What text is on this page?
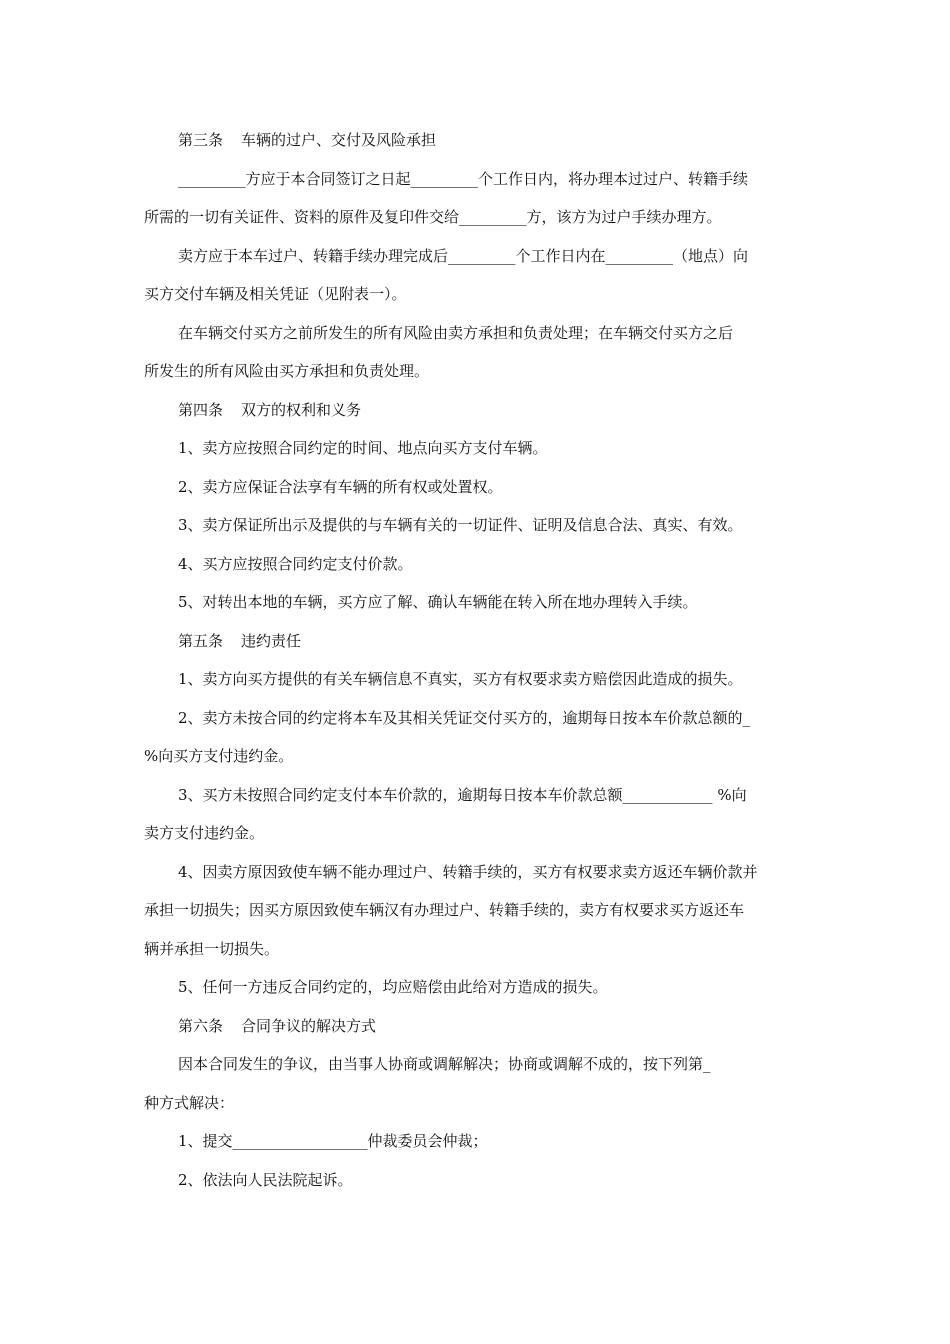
第三条 车辆的过户、交付及风险承担
_________方应于本合同签订之日起_________个工作日内，将办理本过过户、转籍手续
所需的一切有关证件、资料的原件及复印件交给_________方，该方为过户手续办理方。
卖方应于本车过户、转籍手续办理完成后_________个工作日内在_________（地点）向
买方交付车辆及相关凭证（见附表一）。
在车辆交付买方之前所发生的所有风险由卖方承担和负责处理；在车辆交付买方之后
所发生的所有风险由买方承担和负责处理。
第四条 双方的权利和义务
1、卖方应按照合同约定的时间、地点向买方支付车辆。
2、卖方应保证合法享有车辆的所有权或处置权。
3、卖方保证所出示及提供的与车辆有关的一切证件、证明及信息合法、真实、有效。
4、买方应按照合同约定支付价款。
5、对转出本地的车辆，买方应了解、确认车辆能在转入所在地办理转入手续。
第五条 违约责任
1、卖方向买方提供的有关车辆信息不真实，买方有权要求卖方赔偿因此造成的损失。
2、卖方未按合同的约定将本车及其相关凭证交付买方的，逾期每日按本车价款总额的_
%向买方支付违约金。
3、买方未按照合同约定支付本车价款的，逾期每日按本车价款总额____________ %向
卖方支付违约金。
4、因卖方原因致使车辆不能办理过户、转籍手续的，买方有权要求卖方返还车辆价款并
承担一切损失；因买方原因致使车辆汉有办理过户、转籍手续的，卖方有权要求买方返还车
辆并承担一切损失。
5、任何一方违反合同约定的，均应赔偿由此给对方造成的损失。
第六条 合同争议的解决方式
因本合同发生的争议，由当事人协商或调解解决；协商或调解不成的，按下列第_
种方式解决：
1、提交__________________仲裁委员会仲裁；
2、依法向人民法院起诉。
